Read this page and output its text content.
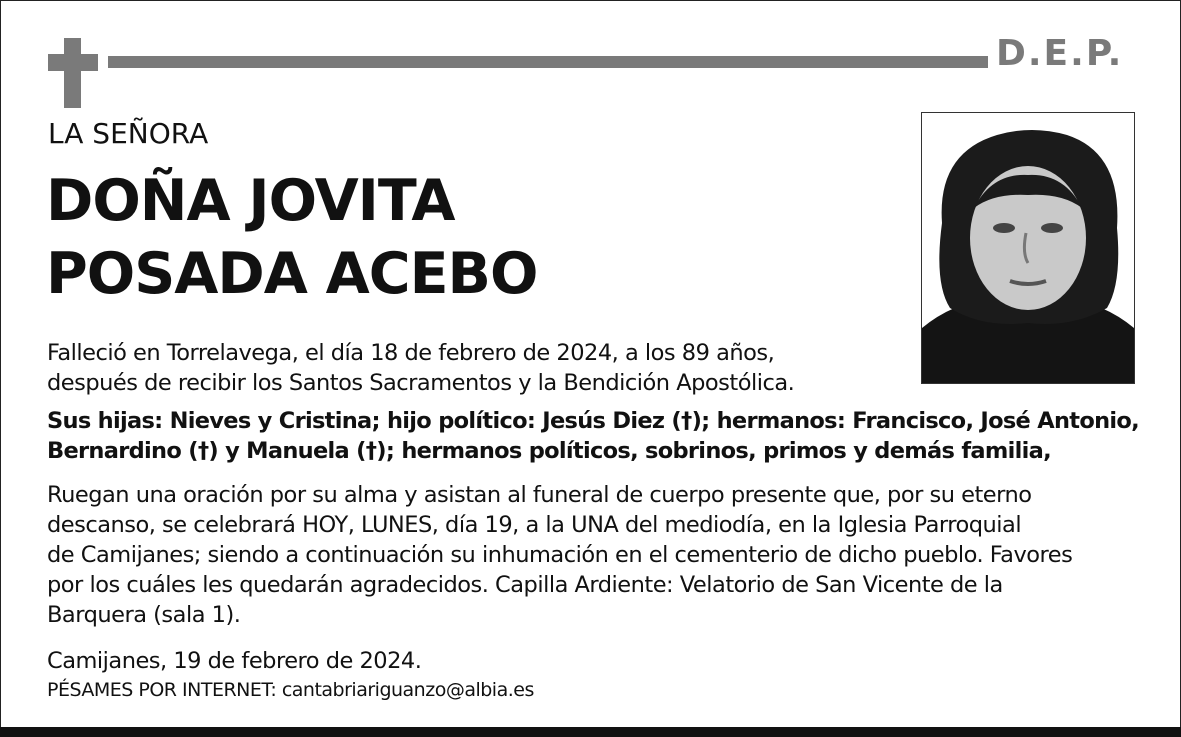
D.E.P.
LA SEÑORA
DOÑA JOVITA
POSADA ACEBO
Falleció en Torrelavega, el día 18 de febrero de 2024, a los 89 años,
después de recibir los Santos Sacramentos y la Bendición Apostólica.
Sus hijas: Nieves y Cristina; hijo político: Jesús Diez (†); hermanos: Francisco, José Antonio,
Bernardino (†) y Manuela (†); hermanos políticos, sobrinos, primos y demás familia,
Ruegan una oración por su alma y asistan al funeral de cuerpo presente que, por su eterno
descanso, se celebrará HOY, LUNES, día 19, a la UNA del mediodía, en la Iglesia Parroquial
de Camijanes; siendo a continuación su inhumación en el cementerio de dicho pueblo. Favores
por los cuáles les quedarán agradecidos. Capilla Ardiente: Velatorio de San Vicente de la
Barquera (sala 1).
Camijanes, 19 de febrero de 2024.
PÉSAMES POR INTERNET: cantabriariguanzo@albia.es
